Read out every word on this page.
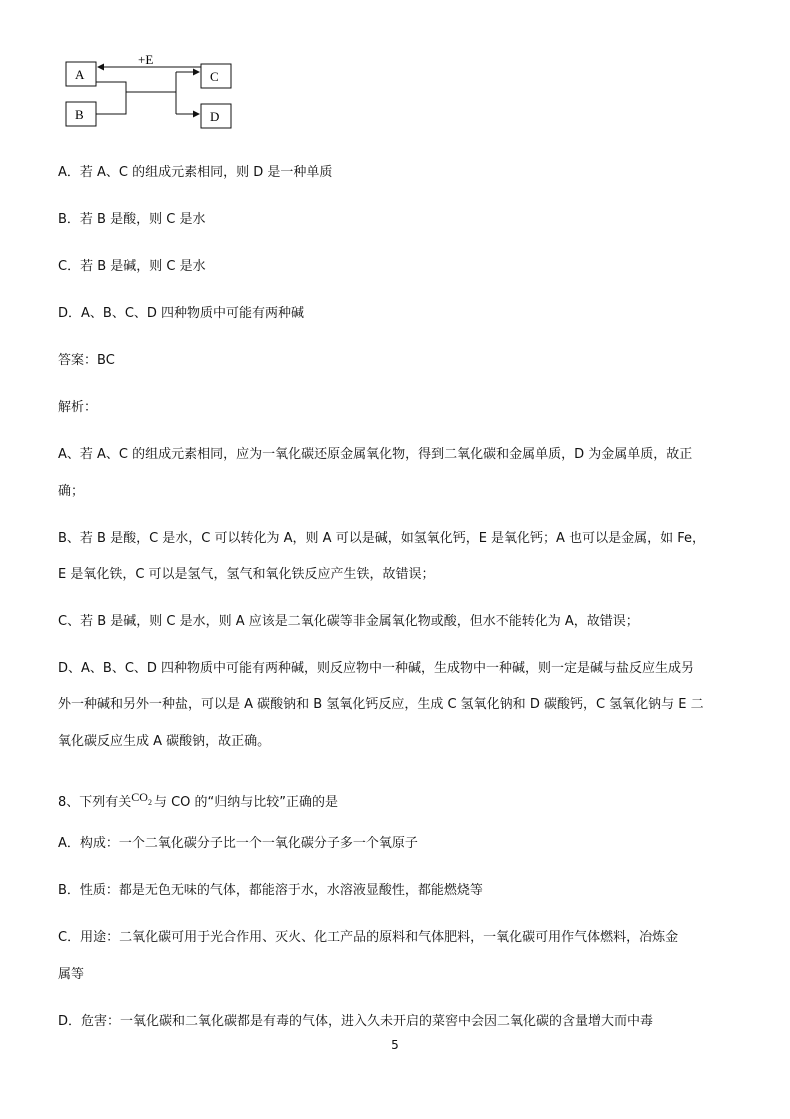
A
B
C
D
+E
A．若 A、C 的组成元素相同，则 D 是一种单质
B．若 B 是酸，则 C 是水
C．若 B 是碱，则 C 是水
D．A、B、C、D 四种物质中可能有两种碱
答案：BC
解析：
A、若 A、C 的组成元素相同，应为一氧化碳还原金属氧化物，得到二氧化碳和金属单质，D 为金属单质，故正
确；
B、若 B 是酸，C 是水，C 可以转化为 A，则 A 可以是碱，如氢氧化钙，E 是氧化钙；A 也可以是金属，如 Fe，
E 是氧化铁，C 可以是氢气，氢气和氧化铁反应产生铁，故错误；
C、若 B 是碱，则 C 是水，则 A 应该是二氧化碳等非金属氧化物或酸，但水不能转化为 A，故错误；
D、A、B、C、D 四种物质中可能有两种碱，则反应物中一种碱，生成物中一种碱，则一定是碱与盐反应生成另
外一种碱和另外一种盐，可以是 A 碳酸钠和 B 氢氧化钙反应，生成 C 氢氧化钠和 D 碳酸钙，C 氢氧化钠与 E 二
氧化碳反应生成 A 碳酸钠，故正确。
8、下列有关CO2 与 CO 的“归纳与比较”正确的是
A．构成：一个二氧化碳分子比一个一氧化碳分子多一个氧原子
B．性质：都是无色无味的气体，都能溶于水，水溶液显酸性，都能燃烧等
C．用途：二氧化碳可用于光合作用、灭火、化工产品的原料和气体肥料，一氧化碳可用作气体燃料，冶炼金
属等
D．危害：一氧化碳和二氧化碳都是有毒的气体，进入久未开启的菜窖中会因二氧化碳的含量增大而中毒
5
